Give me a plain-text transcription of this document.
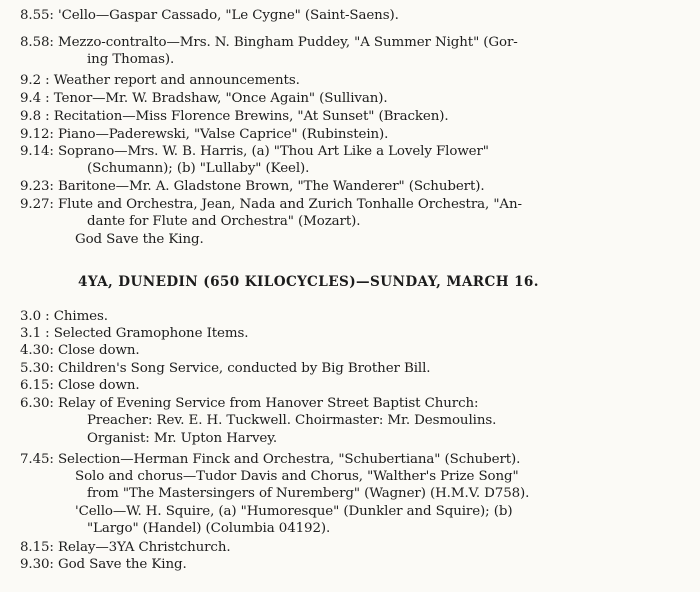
8.55: 'Cello—Gaspar Cassado, "Le Cygne" (Saint-Saens).
8.58: Mezzo-contralto—Mrs. N. Bingham Puddey, "A Summer Night" (Gor-
ing Thomas).
9.2 : Weather report and announcements.
9.4 : Tenor—Mr. W. Bradshaw, "Once Again" (Sullivan).
9.8 : Recitation—Miss Florence Brewins, "At Sunset" (Bracken).
9.12: Piano—Paderewski, "Valse Caprice" (Rubinstein).
9.14: Soprano—Mrs. W. B. Harris, (a) "Thou Art Like a Lovely Flower"
(Schumann); (b) "Lullaby" (Keel).
9.23: Baritone—Mr. A. Gladstone Brown, "The Wanderer" (Schubert).
9.27: Flute and Orchestra, Jean, Nada and Zurich Tonhalle Orchestra, "An-
dante for Flute and Orchestra" (Mozart).
God Save the King.
4YA, DUNEDIN (650 KILOCYCLES)—SUNDAY, MARCH 16.
3.0 : Chimes.
3.1 : Selected Gramophone Items.
4.30: Close down.
5.30: Children's Song Service, conducted by Big Brother Bill.
6.15: Close down.
6.30: Relay of Evening Service from Hanover Street Baptist Church:
Preacher: Rev. E. H. Tuckwell. Choirmaster: Mr. Desmoulins.
Organist: Mr. Upton Harvey.
7.45: Selection—Herman Finck and Orchestra, "Schubertiana" (Schubert).
Solo and chorus—Tudor Davis and Chorus, "Walther's Prize Song"
from "The Mastersingers of Nuremberg" (Wagner) (H.M.V. D758).
'Cello—W. H. Squire, (a) "Humoresque" (Dunkler and Squire); (b)
"Largo" (Handel) (Columbia 04192).
8.15: Relay—3YA Christchurch.
9.30: God Save the King.
